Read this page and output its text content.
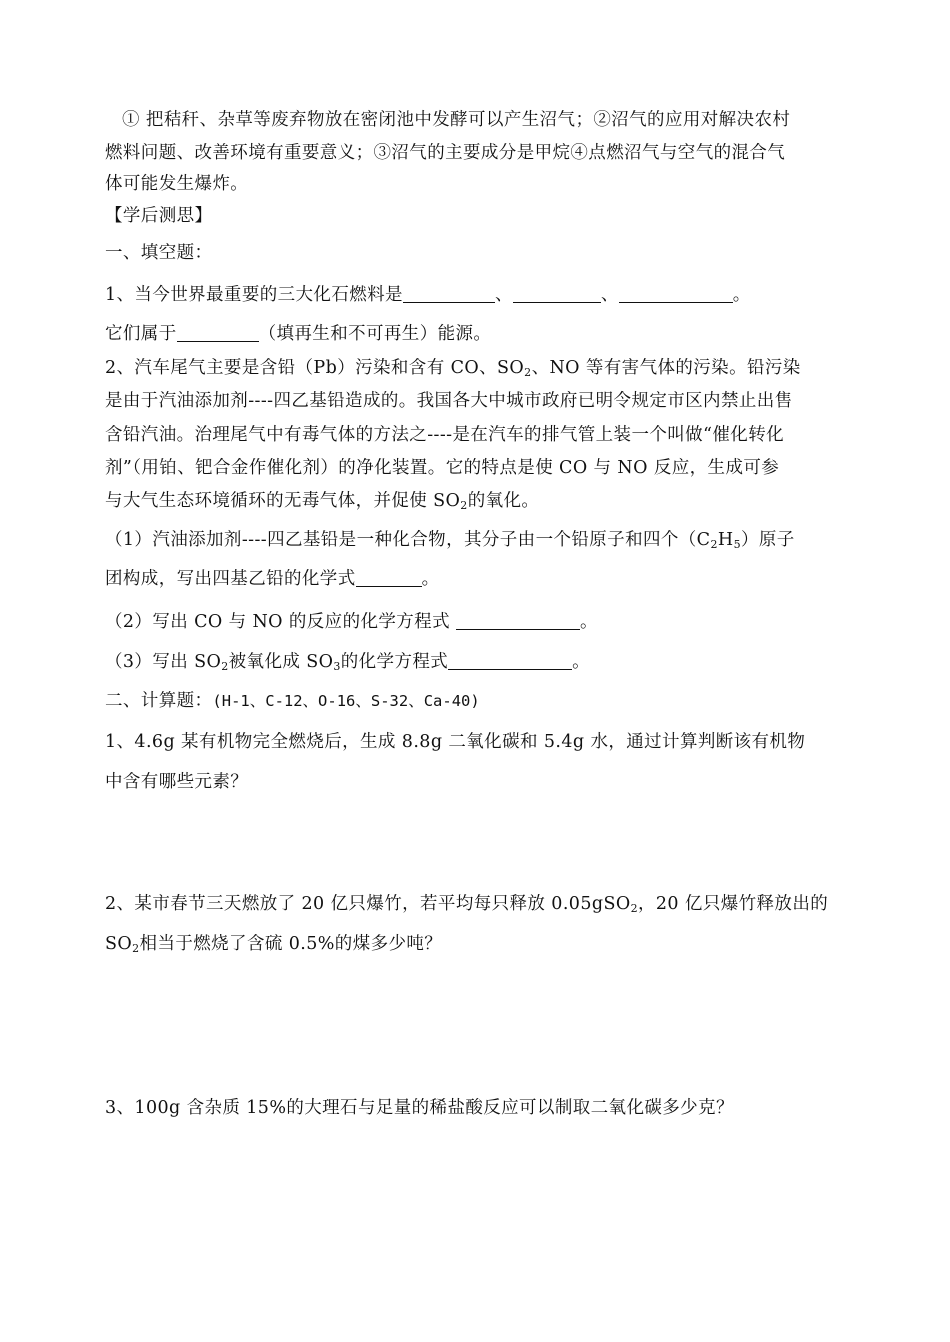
① 把秸秆、杂草等废弃物放在密闭池中发酵可以产生沼气；②沼气的应用对解决农村
燃料问题、改善环境有重要意义；③沼气的主要成分是甲烷④点燃沼气与空气的混合气
体可能发生爆炸。
【学后测思】
一、填空题：
1、当今世界最重要的三大化石燃料是	、	、	。
它们属于	（填再生和不可再生）能源。
2、汽车尾气主要是含铅（Pb）污染和含有 CO、$SO_2$、NO 等有害气体的污染。铅污染
是由于汽油添加剂----四乙基铅造成的。我国各大中城市政府已明令规定市区内禁止出售
含铅汽油。治理尾气中有毒气体的方法之----是在汽车的排气管上装一个叫做“催化转化
剂”（用铂、钯合金作催化剂）的净化装置。它的特点是使 CO 与 NO 反应，生成可参
与大气生态环境循环的无毒气体，并促使 $SO_2$的氧化。
（1）汽油添加剂----四乙基铅是一种化合物，其分子由一个铅原子和四个$(C_2H_5)$原子
团构成，写出四基乙铅的化学式	。
（2）写出 CO 与 NO 的反应的化学方程式	。
（3）写出 $SO_2$被氧化成 $SO_3$的化学方程式	。
二、计算题：(H-1、C-12、O-16、S-32、Ca-40)
1、4.6g 某有机物完全燃烧后，生成 8.8g 二氧化碳和 5.4g 水，通过计算判断该有机物
中含有哪些元素？
2、某市春节三天燃放了 20 亿只爆竹，若平均每只释放 0.05gSO$_2$，20 亿只爆竹释放出的
$SO_2$相当于燃烧了含硫 0.5%的煤多少吨？
3、100g 含杂质 15%的大理石与足量的稀盐酸反应可以制取二氧化碳多少克？
